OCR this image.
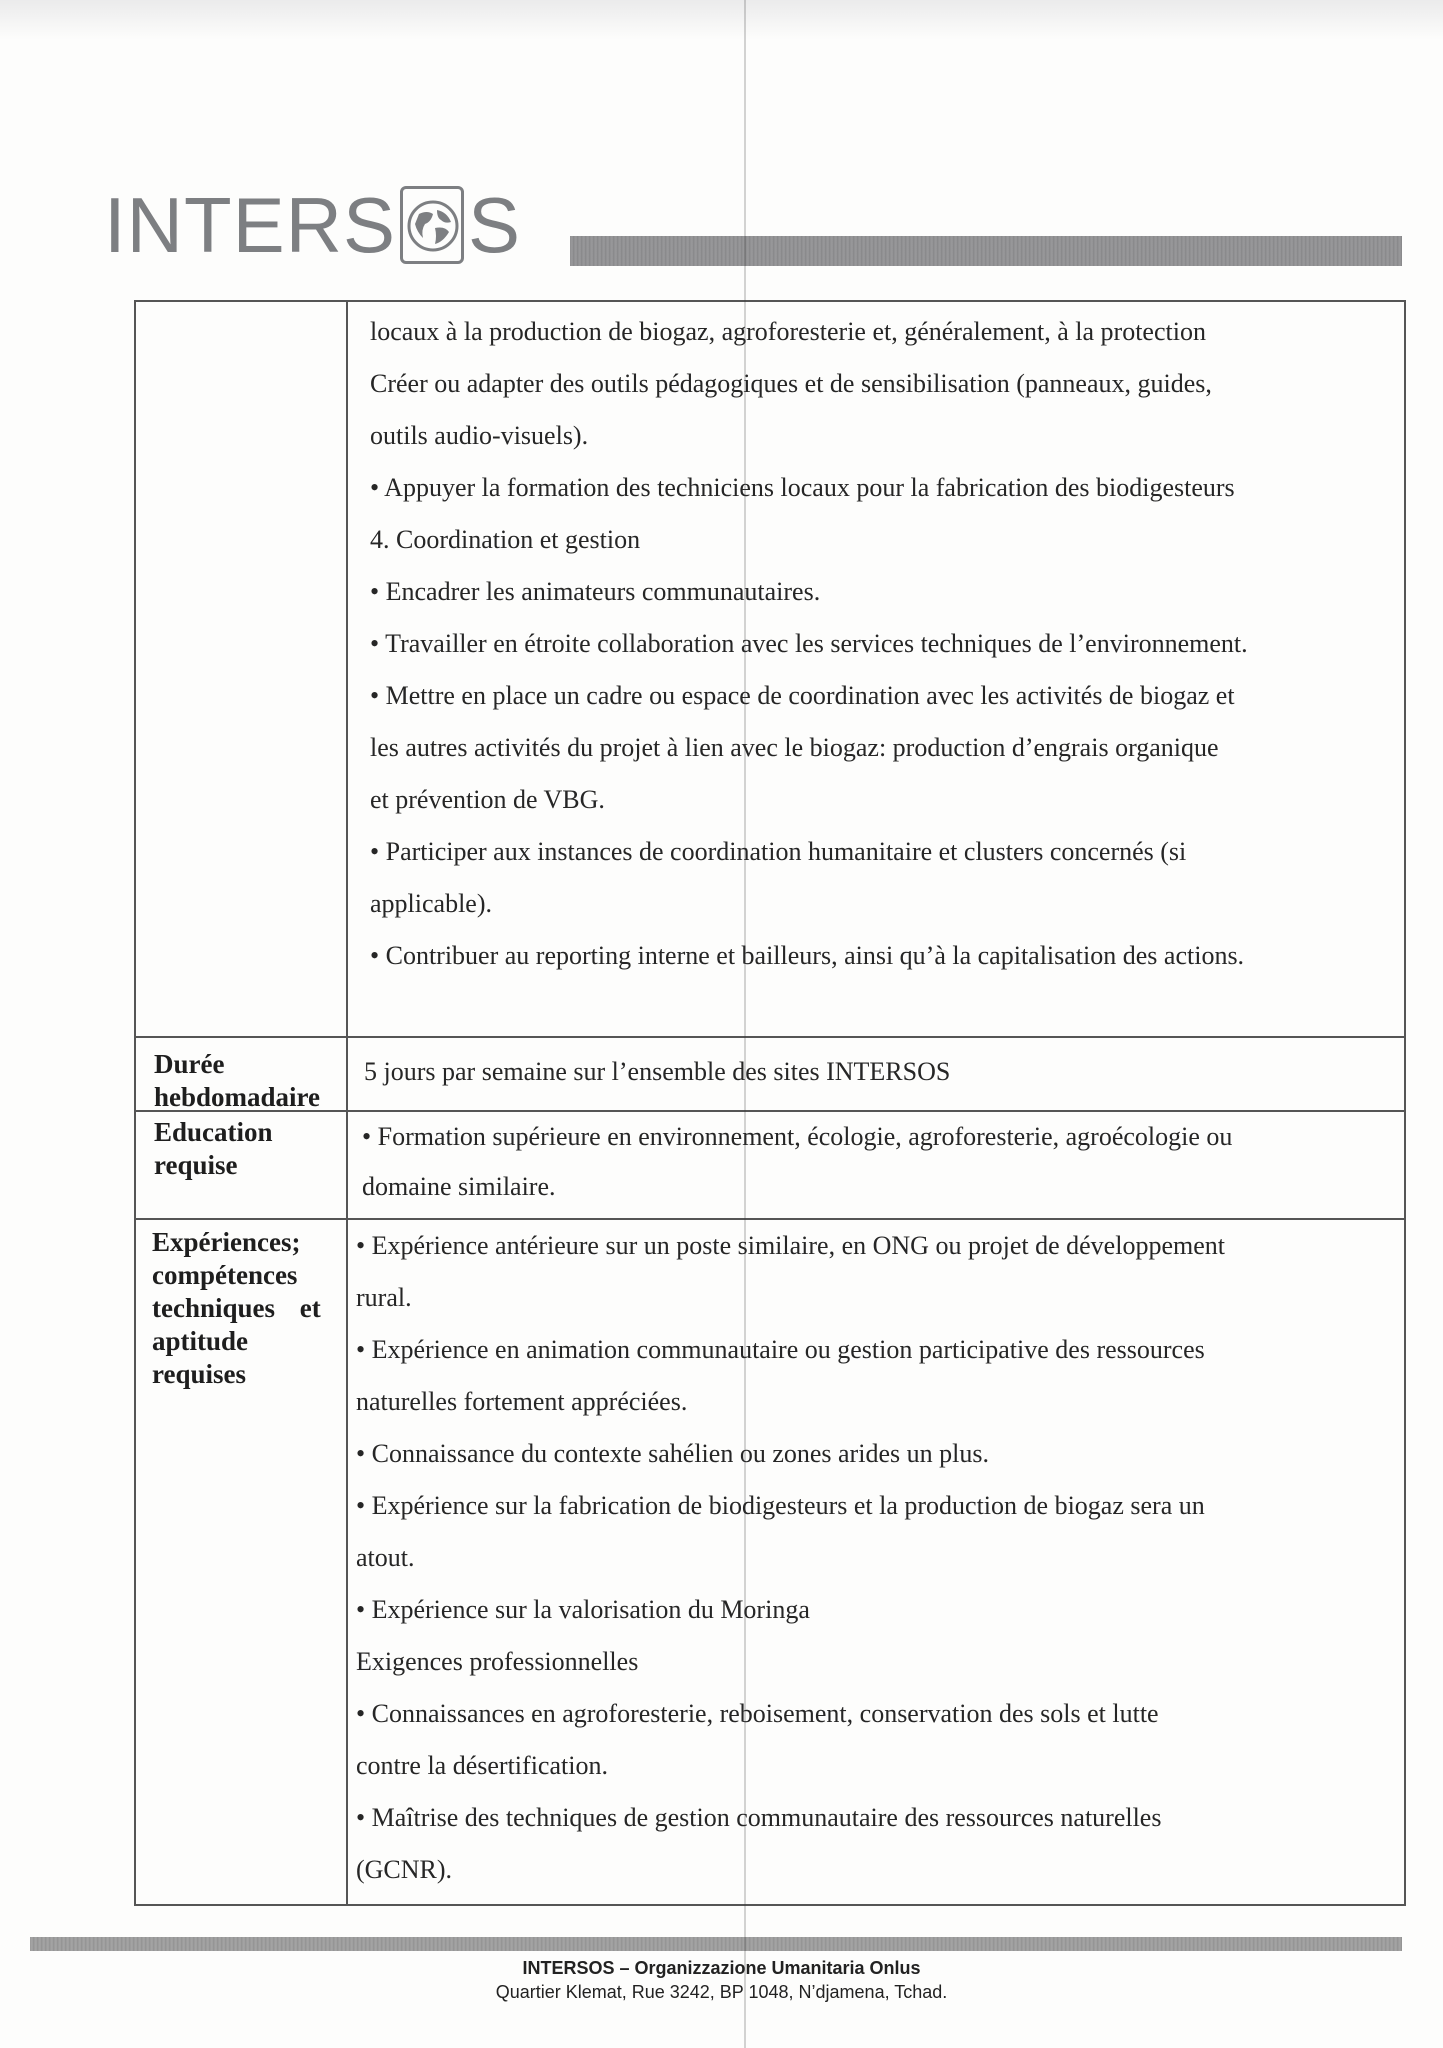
INTERS S
locaux à la production de biogaz, agroforesterie et, généralement, à la protection
Créer ou adapter des outils pédagogiques et de sensibilisation (panneaux, guides,
outils audio-visuels).
• Appuyer la formation des techniciens locaux pour la fabrication des biodigesteurs
4. Coordination et gestion
• Encadrer les animateurs communautaires.
• Travailler en étroite collaboration avec les services techniques de l’environnement.
• Mettre en place un cadre ou espace de coordination avec les activités de biogaz et
les autres activités du projet à lien avec le biogaz: production d’engrais organique
et prévention de VBG.
• Participer aux instances de coordination humanitaire et clusters concernés (si
applicable).
• Contribuer au reporting interne et bailleurs, ainsi qu’à la capitalisation des actions.
Durée
hebdomadaire
5 jours par semaine sur l’ensemble des sites INTERSOS
Education
requise
• Formation supérieure en environnement, écologie, agroforesterie, agroécologie ou
domaine similaire.
Expériences;
compétences
techniques et
aptitude
requises
• Expérience antérieure sur un poste similaire, en ONG ou projet de développement
rural.
• Expérience en animation communautaire ou gestion participative des ressources
naturelles fortement appréciées.
• Connaissance du contexte sahélien ou zones arides un plus.
• Expérience sur la fabrication de biodigesteurs et la production de biogaz sera un
atout.
• Expérience sur la valorisation du Moringa
Exigences professionnelles
• Connaissances en agroforesterie, reboisement, conservation des sols et lutte
contre la désertification.
• Maîtrise des techniques de gestion communautaire des ressources naturelles
(GCNR).
INTERSOS – Organizzazione Umanitaria Onlus
Quartier Klemat, Rue 3242, BP 1048, N’djamena, Tchad.
